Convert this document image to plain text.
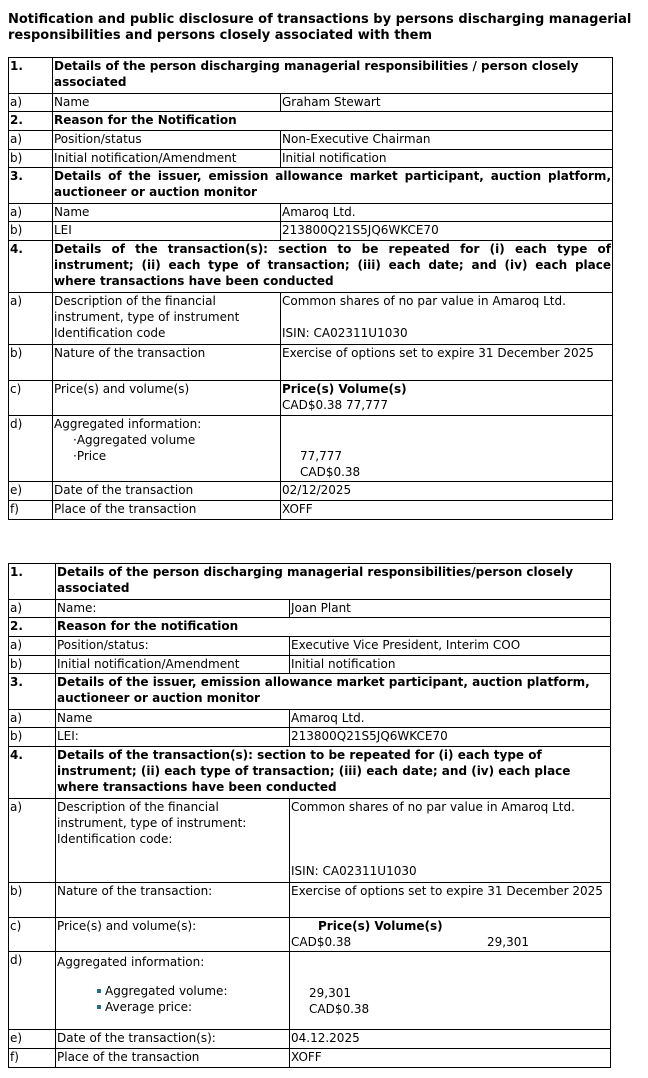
Notification and public disclosure of transactions by persons discharging managerial responsibilities and persons closely associated with them
1.	Details of the person discharging managerial responsibilities / person closely associated	
a)	Name	Graham Stewart
2.	Reason for the Notification	
a)	Position/status	Non-Executive Chairman
b)	Initial notification/Amendment	Initial notification
3.	Details of the issuer, emission allowance market participant, auction platform, auctioneer or auction monitor	
a)	Name	Amaroq Ltd.
b)	LEI	213800Q21S5JQ6WKCE70
4.	Details of the transaction(s): section to be repeated for (i) each type of instrument; (ii) each type of transaction; (iii) each date; and (iv) each place where transactions have been conducted	
a)	Description of the financial instrument, type of instrument
Identification code	Common shares of no par value in Amaroq Ltd.
ISIN: CA02311U1030

b)	Nature of the transaction	Exercise of options set to expire 31 December 2025
c)	Price(s) and volume(s)	Price(s) Volume(s)
CAD$0.38 77,777
d)	Aggregated information:
·Aggregated volume
·Price	77,777
CAD$0.38

e)	Date of the transaction	02/12/2025
f)	Place of the transaction	XOFF
1.	Details of the person discharging managerial responsibilities/person closely associated	
a)	Name:	Joan Plant
2.	Reason for the notification	
a)	Position/status:	Executive Vice President, Interim COO
b)	Initial notification/Amendment	Initial notification
3.	Details of the issuer, emission allowance market participant, auction platform, auctioneer or auction monitor	
a)	Name	Amaroq Ltd.
b)	LEI:	213800Q21S5JQ6WKCE70
4.	Details of the transaction(s): section to be repeated for (i) each type of instrument; (ii) each type of transaction; (iii) each date; and (iv) each place where transactions have been conducted	
a)	Description of the financial instrument, type of instrument:
Identification code:	Common shares of no par value in Amaroq Ltd.
ISIN: CA02311U1030

b)	Nature of the transaction:	Exercise of options set to expire 31 December 2025
c)	Price(s) and volume(s):	Price(s) Volume(s)
CAD$0.38 29,301

d)	Aggregated information:
Aggregated volume:
Average price:	29,301
CAD$0.38

e)	Date of the transaction(s):	04.12.2025
f)	Place of the transaction	XOFF
